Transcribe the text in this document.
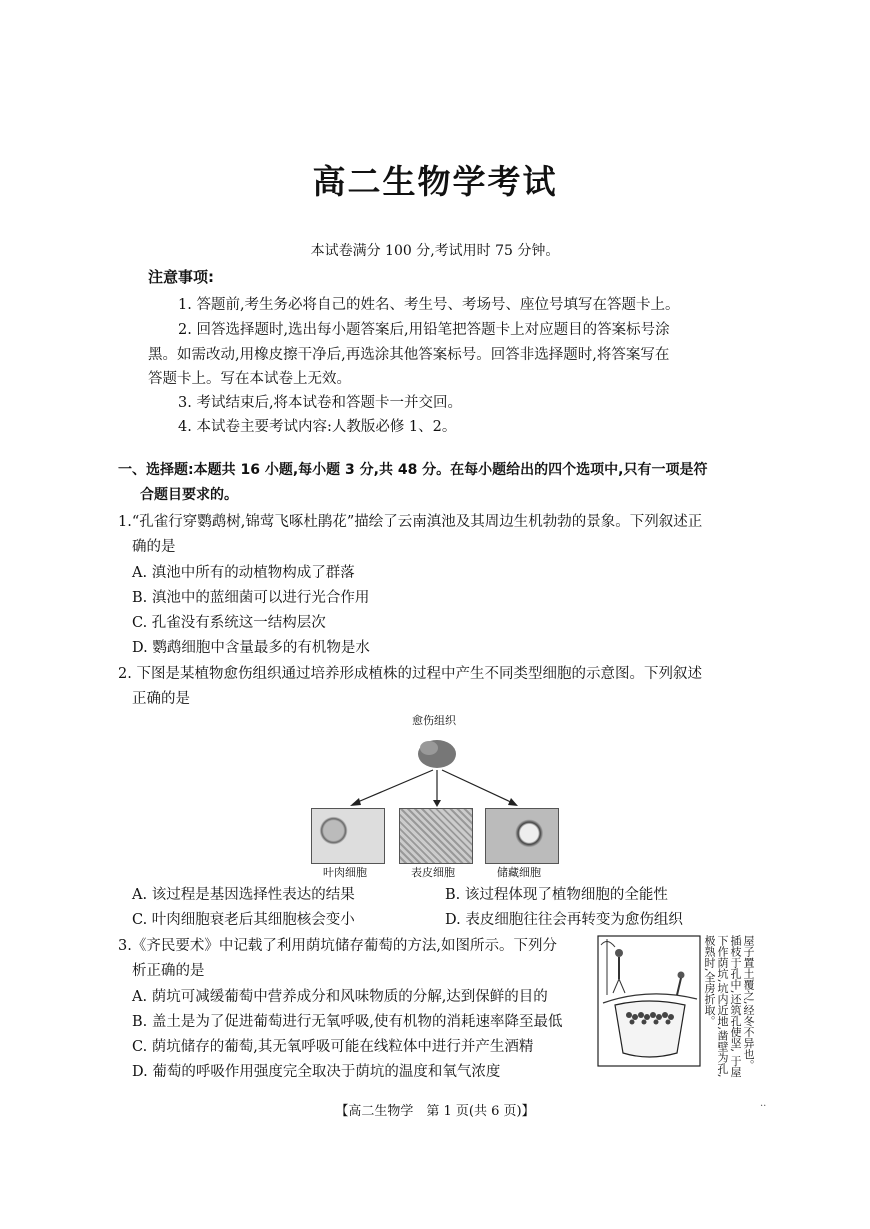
高二生物学考试
本试卷满分 100 分,考试用时 75 分钟。
注意事项:
1. 答题前,考生务必将自己的姓名、考生号、考场号、座位号填写在答题卡上。
2. 回答选择题时,选出每小题答案后,用铅笔把答题卡上对应题目的答案标号涂
黑。如需改动,用橡皮擦干净后,再选涂其他答案标号。回答非选择题时,将答案写在
答题卡上。写在本试卷上无效。
3. 考试结束后,将本试卷和答题卡一并交回。
4. 本试卷主要考试内容:人教版必修 1、2。
一、选择题:本题共 16 小题,每小题 3 分,共 48 分。在每小题给出的四个选项中,只有一项是符
合题目要求的。
1.“孔雀行穿鹦鹉树,锦莺飞啄杜鹃花”描绘了云南滇池及其周边生机勃勃的景象。下列叙述正
确的是
A. 滇池中所有的动植物构成了群落
B. 滇池中的蓝细菌可以进行光合作用
C. 孔雀没有系统这一结构层次
D. 鹦鹉细胞中含量最多的有机物是水
2. 下图是某植物愈伤组织通过培养形成植株的过程中产生不同类型细胞的示意图。下列叙述
正确的是
愈伤组织
叶肉细胞	表皮细胞	储藏细胞
A. 该过程是基因选择性表达的结果	B. 该过程体现了植物细胞的全能性
C. 叶肉细胞衰老后其细胞核会变小	D. 表皮细胞往往会再转变为愈伤组织
3.《齐民要术》中记载了利用荫坑储存葡萄的方法,如图所示。下列分
析正确的是
A. 荫坑可减缓葡萄中营养成分和风味物质的分解,达到保鲜的目的
B. 盖土是为了促进葡萄进行无氧呼吸,使有机物的消耗速率降至最低
C. 荫坑储存的葡萄,其无氧呼吸可能在线粒体中进行并产生酒精
D. 葡萄的呼吸作用强度完全取决于荫坑的温度和氧气浓度
屋子置土覆之,经冬不异也。 插枝于孔中,还筑孔使坚, 于屋下作荫坑,坑内近地,凿壁为孔, 极熟时,全房折取。
【高二生物学　第 1 页(共 6 页)】
..
